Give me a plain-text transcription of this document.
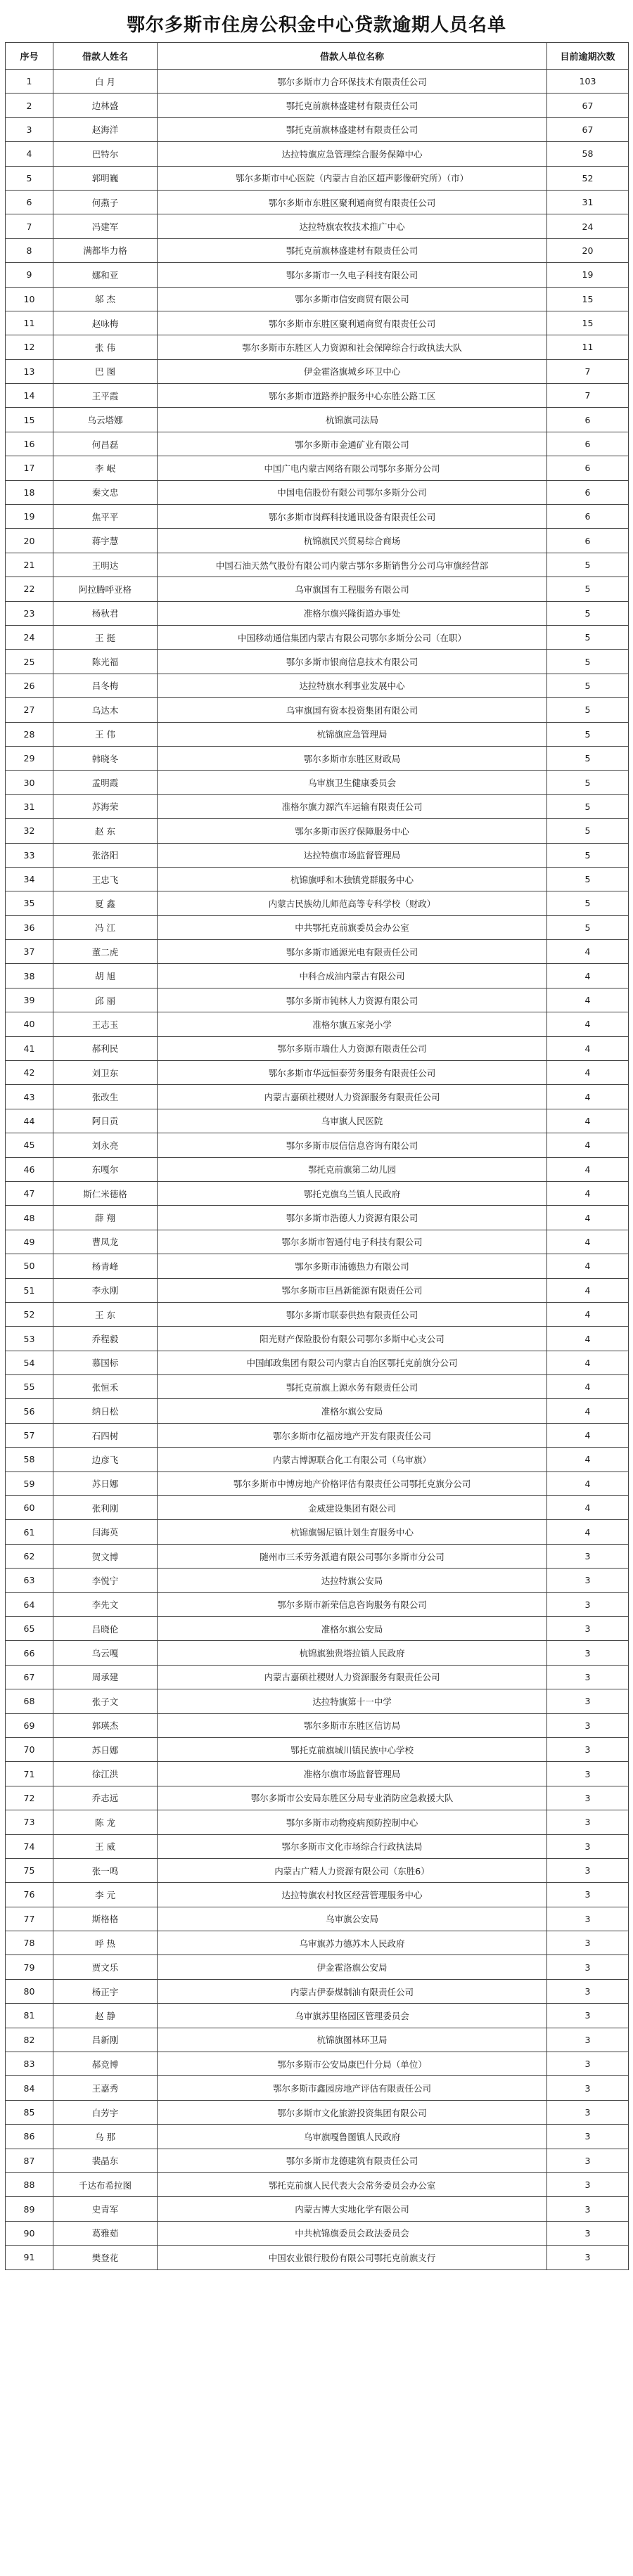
鄂尔多斯市住房公积金中心贷款逾期人员名单
序号	借款人姓名	借款人单位名称	目前逾期次数
1	白 月	鄂尔多斯市力合环保技术有限责任公司	103
2	边林盛	鄂托克前旗林盛建材有限责任公司	67
3	赵海洋	鄂托克前旗林盛建材有限责任公司	67
4	巴特尔	达拉特旗应急管理综合服务保障中心	58
5	郭明巍	鄂尔多斯市中心医院（内蒙古自治区超声影像研究所）（市）	52
6	何燕子	鄂尔多斯市东胜区聚利通商贸有限责任公司	31
7	冯建军	达拉特旗农牧技术推广中心	24
8	满都毕力格	鄂托克前旗林盛建材有限责任公司	20
9	娜和亚	鄂尔多斯市一久电子科技有限公司	19
10	邬 杰	鄂尔多斯市信安商贸有限公司	15
11	赵咏梅	鄂尔多斯市东胜区聚利通商贸有限责任公司	15
12	张 伟	鄂尔多斯市东胜区人力资源和社会保障综合行政执法大队	11
13	巴 图	伊金霍洛旗城乡环卫中心	7
14	王平霞	鄂尔多斯市道路养护服务中心东胜公路工区	7
15	乌云塔娜	杭锦旗司法局	6
16	何昌磊	鄂尔多斯市金通矿业有限公司	6
17	李 岷	中国广电内蒙古网络有限公司鄂尔多斯分公司	6
18	秦文忠	中国电信股份有限公司鄂尔多斯分公司	6
19	焦平平	鄂尔多斯市岗辉科技通讯设备有限责任公司	6
20	蒋宇慧	杭锦旗民兴贸易综合商场	6
21	王明达	中国石油天然气股份有限公司内蒙古鄂尔多斯销售分公司乌审旗经营部	5
22	阿拉腾呼亚格	乌审旗国有工程服务有限公司	5
23	杨秋君	准格尔旗兴隆街道办事处	5
24	王 挺	中国移动通信集团内蒙古有限公司鄂尔多斯分公司（在职）	5
25	陈光福	鄂尔多斯市银商信息技术有限公司	5
26	吕冬梅	达拉特旗水利事业发展中心	5
27	乌达木	乌审旗国有资本投资集团有限公司	5
28	王 伟	杭锦旗应急管理局	5
29	韩晓冬	鄂尔多斯市东胜区财政局	5
30	孟明霞	乌审旗卫生健康委员会	5
31	苏海荣	准格尔旗力源汽车运输有限责任公司	5
32	赵 东	鄂尔多斯市医疗保障服务中心	5
33	张洛阳	达拉特旗市场监督管理局	5
34	王忠飞	杭锦旗呼和木独镇党群服务中心	5
35	夏 鑫	内蒙古民族幼儿师范高等专科学校（财政）	5
36	冯 江	中共鄂托克前旗委员会办公室	5
37	董二虎	鄂尔多斯市通源光电有限责任公司	4
38	胡 旭	中科合成油内蒙古有限公司	4
39	邱 丽	鄂尔多斯市钝林人力资源有限公司	4
40	王志玉	准格尔旗五家尧小学	4
41	郝利民	鄂尔多斯市瑞仕人力资源有限责任公司	4
42	刘卫东	鄂尔多斯市华远恒泰劳务服务有限责任公司	4
43	张改生	内蒙古嘉硕社稷财人力资源服务有限责任公司	4
44	阿日贡	乌审旗人民医院	4
45	刘永亮	鄂尔多斯市辰信信息咨询有限公司	4
46	东嘎尔	鄂托克前旗第二幼儿园	4
47	斯仁米德格	鄂托克旗乌兰镇人民政府	4
48	薛 翔	鄂尔多斯市浩德人力资源有限公司	4
49	曹凤龙	鄂尔多斯市智通付电子科技有限公司	4
50	杨青峰	鄂尔多斯市浦德热力有限公司	4
51	李永刚	鄂尔多斯市巨昌新能源有限责任公司	4
52	王 东	鄂尔多斯市联泰供热有限责任公司	4
53	乔程毅	阳光财产保险股份有限公司鄂尔多斯中心支公司	4
54	慕国标	中国邮政集团有限公司内蒙古自治区鄂托克前旗分公司	4
55	张恒禾	鄂托克前旗上源水务有限责任公司	4
56	纳日松	准格尔旗公安局	4
57	石四树	鄂尔多斯市亿福房地产开发有限责任公司	4
58	边彦飞	内蒙古博源联合化工有限公司（乌审旗）	4
59	苏日娜	鄂尔多斯市中博房地产价格评估有限责任公司鄂托克旗分公司	4
60	张利刚	金威建设集团有限公司	4
61	闫海英	杭锦旗锡尼镇计划生育服务中心	4
62	贺文博	随州市三禾劳务派遣有限公司鄂尔多斯市分公司	3
63	李悦宁	达拉特旗公安局	3
64	李先文	鄂尔多斯市新荣信息咨询服务有限公司	3
65	吕晓伦	准格尔旗公安局	3
66	乌云嘎	杭锦旗独贵塔拉镇人民政府	3
67	周承建	内蒙古嘉硕社稷财人力资源服务有限责任公司	3
68	张子文	达拉特旗第十一中学	3
69	郭瑛杰	鄂尔多斯市东胜区信访局	3
70	苏日娜	鄂托克前旗城川镇民族中心学校	3
71	徐江洪	准格尔旗市场监督管理局	3
72	乔志远	鄂尔多斯市公安局东胜区分局专业消防应急救援大队	3
73	陈 龙	鄂尔多斯市动物疫病预防控制中心	3
74	王 威	鄂尔多斯市文化市场综合行政执法局	3
75	张一鸣	内蒙古广精人力资源有限公司（东胜6）	3
76	李 元	达拉特旗农村牧区经营管理服务中心	3
77	斯格格	乌审旗公安局	3
78	呼 热	乌审旗苏力德苏木人民政府	3
79	贾文乐	伊金霍洛旗公安局	3
80	杨正宇	内蒙古伊泰煤制油有限责任公司	3
81	赵 静	乌审旗苏里格园区管理委员会	3
82	吕新刚	杭锦旗图林环卫局	3
83	郝竞博	鄂尔多斯市公安局康巴什分局（单位）	3
84	王嘉秀	鄂尔多斯市鑫园房地产评估有限责任公司	3
85	白芳宇	鄂尔多斯市文化旅游投资集团有限公司	3
86	乌 那	乌审旗嘎鲁图镇人民政府	3
87	裴晶东	鄂尔多斯市龙德建筑有限责任公司	3
88	千达布希拉图	鄂托克前旗人民代表大会常务委员会办公室	3
89	史青军	内蒙古博大实地化学有限公司	3
90	葛雅茹	中共杭锦旗委员会政法委员会	3
91	樊登花	中国农业银行股份有限公司鄂托克前旗支行	3
